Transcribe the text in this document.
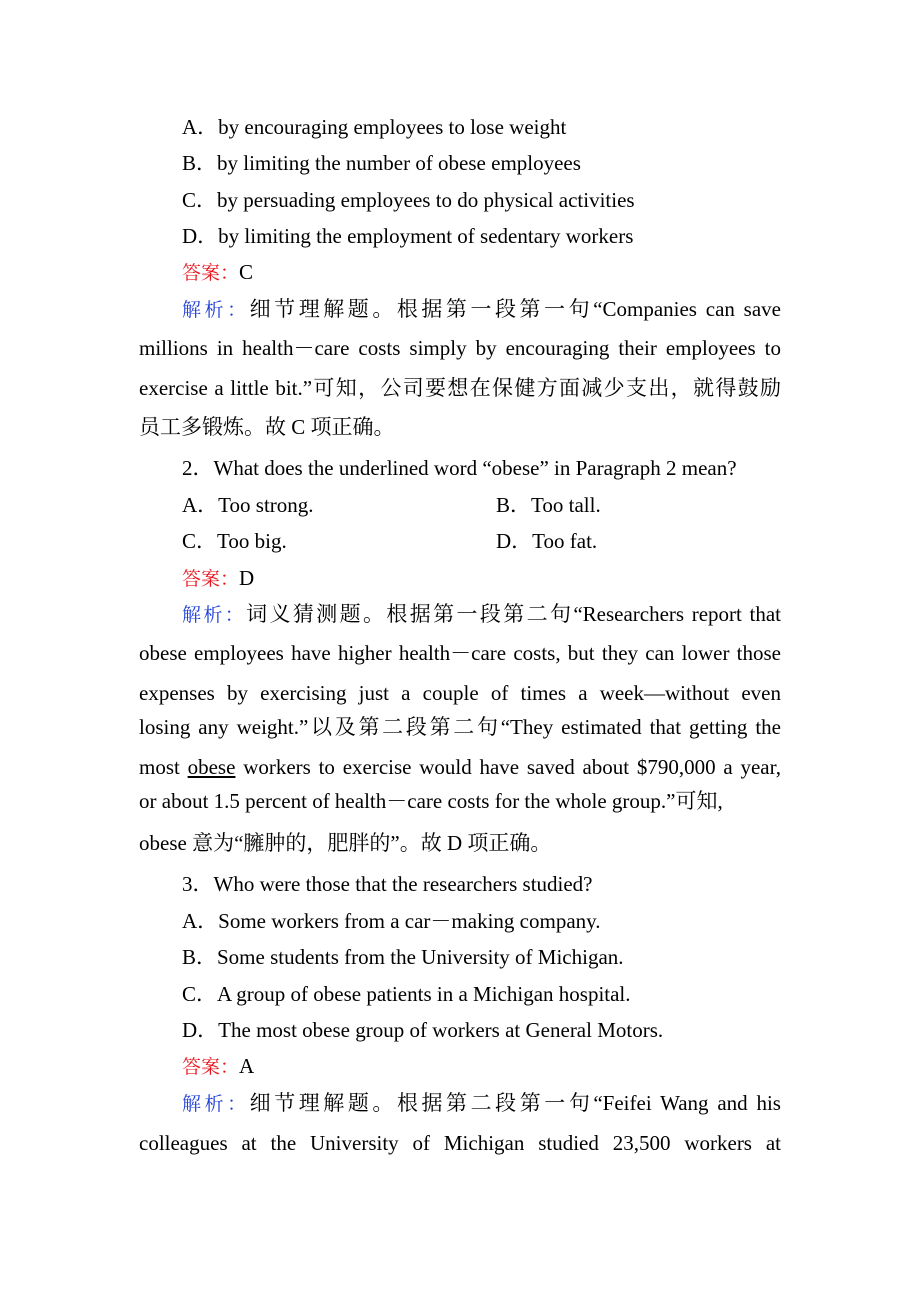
A．by encouraging employees to lose weight
B．by limiting the number of obese employees
C．by persuading employees to do physical activities
D．by limiting the employment of sedentary workers
答案：C
解析：细节理解题。根据第一段第一句“Companies can save
millions in health－care costs simply by encouraging their employees to
exercise a little bit.”可知，公司要想在保健方面减少支出，就得鼓励
员工多锻炼。故 C 项正确。
2．What does the underlined word “obese” in Paragraph 2 mean?
A．Too strong.	B．Too tall.
C．Too big.	D．Too fat.
答案：D
解析：词义猜测题。根据第一段第二句“Researchers report that
obese employees have higher health－care costs, but they can lower those
expenses by exercising just a couple of times a week—without even
losing any weight.”以及第二段第二句“They estimated that getting the
most obese workers to exercise would have saved about $790,000 a year,
or about 1.5 percent of health－care costs for the whole group.”可知,
obese 意为“臃肿的，肥胖的”。故 D 项正确。
3．Who were those that the researchers studied?
A．Some workers from a car－making company.
B．Some students from the University of Michigan.
C．A group of obese patients in a Michigan hospital.
D．The most obese group of workers at General Motors.
答案：A
解析：细节理解题。根据第二段第一句“Feifei Wang and his
colleagues at the University of Michigan studied 23,500 workers at
